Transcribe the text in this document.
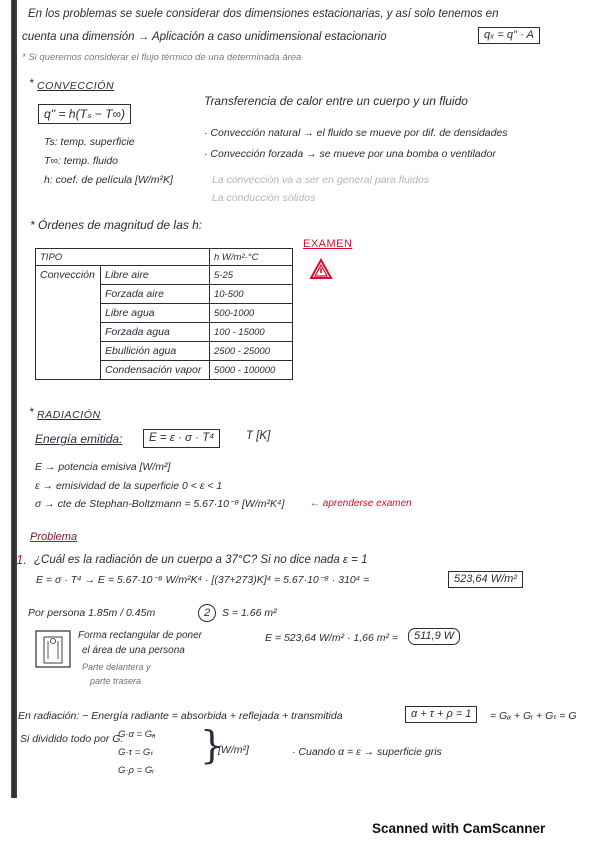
En los problemas se suele considerar dos dimensiones estacionarias, y así solo tenemos en
cuenta una dimensión → Aplicación a caso unidimensional estacionario	qₓ = q'' · A
* Si queremos considerar el flujo térmico de una determinada área
* CONVECCIÓN
q'' = h(Tₛ − T∞)
Transferencia de calor entre un cuerpo y un fluido
Ts: temp. superficie
T∞: temp. fluido
h: coef. de película [W/m²K]
· Convección natural → el fluido se mueve por dif. de densidades
· Convección forzada → se mueve por una bomba o ventilador
La convección va a ser en general para fluidos
La conducción sólidos
* Órdenes de magnitud de las h:
TIPO		h W/m²·°C
Convección	Libre aire	5-25
	Forzada aire	10-500
	Libre agua	500-1000
	Forzada agua	100 - 15000
	Ebullición agua	2500 - 25000
	Condensación vapor	5000 - 100000
EXAMEN
* RADIACIÓN
Energía emitida:	E = ε · σ · T⁴	T [K]
E → potencia emisiva [W/m²]
ε → emisividad de la superficie 0 < ε < 1
σ → cte de Stephan-Boltzmann = 5.67·10⁻⁸ [W/m²K⁴]	← aprenderse examen
Problema
1. ¿Cuál es la radiación de un cuerpo a 37°C? Si no dice nada ε = 1
E = σ · T⁴ → E = 5.67·10⁻⁸ W/m²K⁴ · [(37+273)K]⁴ = 5.67·10⁻⁸ · 310⁴ =	523,64 W/m²
Por persona 1.85m / 0.45m	2	S = 1.66 m²
Forma rectangular de poner
el área de una persona
Parte delantera y
parte trasera
E = 523,64 W/m² · 1,66 m² =	511,9 W
En radiación: − Energía radiante = absorbida + reflejada + transmitida	α + τ + ρ = 1	= Gₐ + Gᵣ + Gₜ = G
Si dividido todo por G.
G·α = Gₐ
G·τ = Gₜ
G·ρ = Gᵣ
}
[W/m²]	· Cuando α = ε → superficie gris
Scanned with CamScanner
